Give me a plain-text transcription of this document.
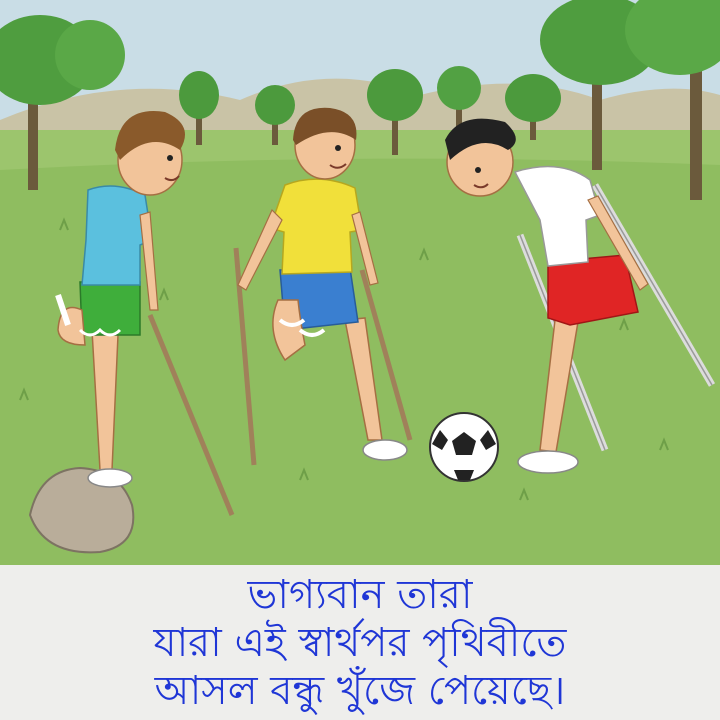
ভাগ্যবান তারা
যারা এই স্বার্থপর পৃথিবীতে
আসল বন্ধু খুঁজে পেয়েছে।
